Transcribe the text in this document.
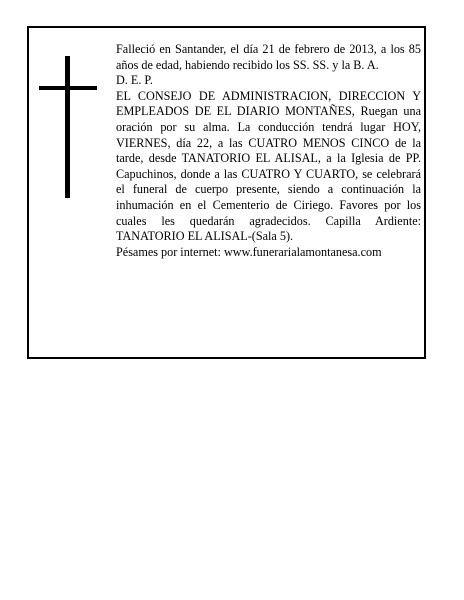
Falleció en Santander, el día 21 de febrero de 2013, a los 85 años de edad, habiendo recibido los SS. SS. y la B. A.

D. E. P.

EL CONSEJO DE ADMINISTRACION, DIRECCION Y EMPLEADOS DE EL DIARIO MONTAÑES, Ruegan una oración por su alma. La conducción tendrá lugar HOY, VIERNES, día 22, a las CUATRO MENOS CINCO de la tarde, desde TANATORIO EL ALISAL, a la Iglesia de PP. Capuchinos, donde a las CUATRO Y CUARTO, se celebrará el funeral de cuerpo presente, siendo a continuación la inhumación en el Cementerio de Ciriego. Favores por los cuales les quedarán agradecidos. Capilla Ardiente: TANATORIO EL ALISAL-(Sala 5).

Pésames por internet: www.funerarialamontanesa.com
